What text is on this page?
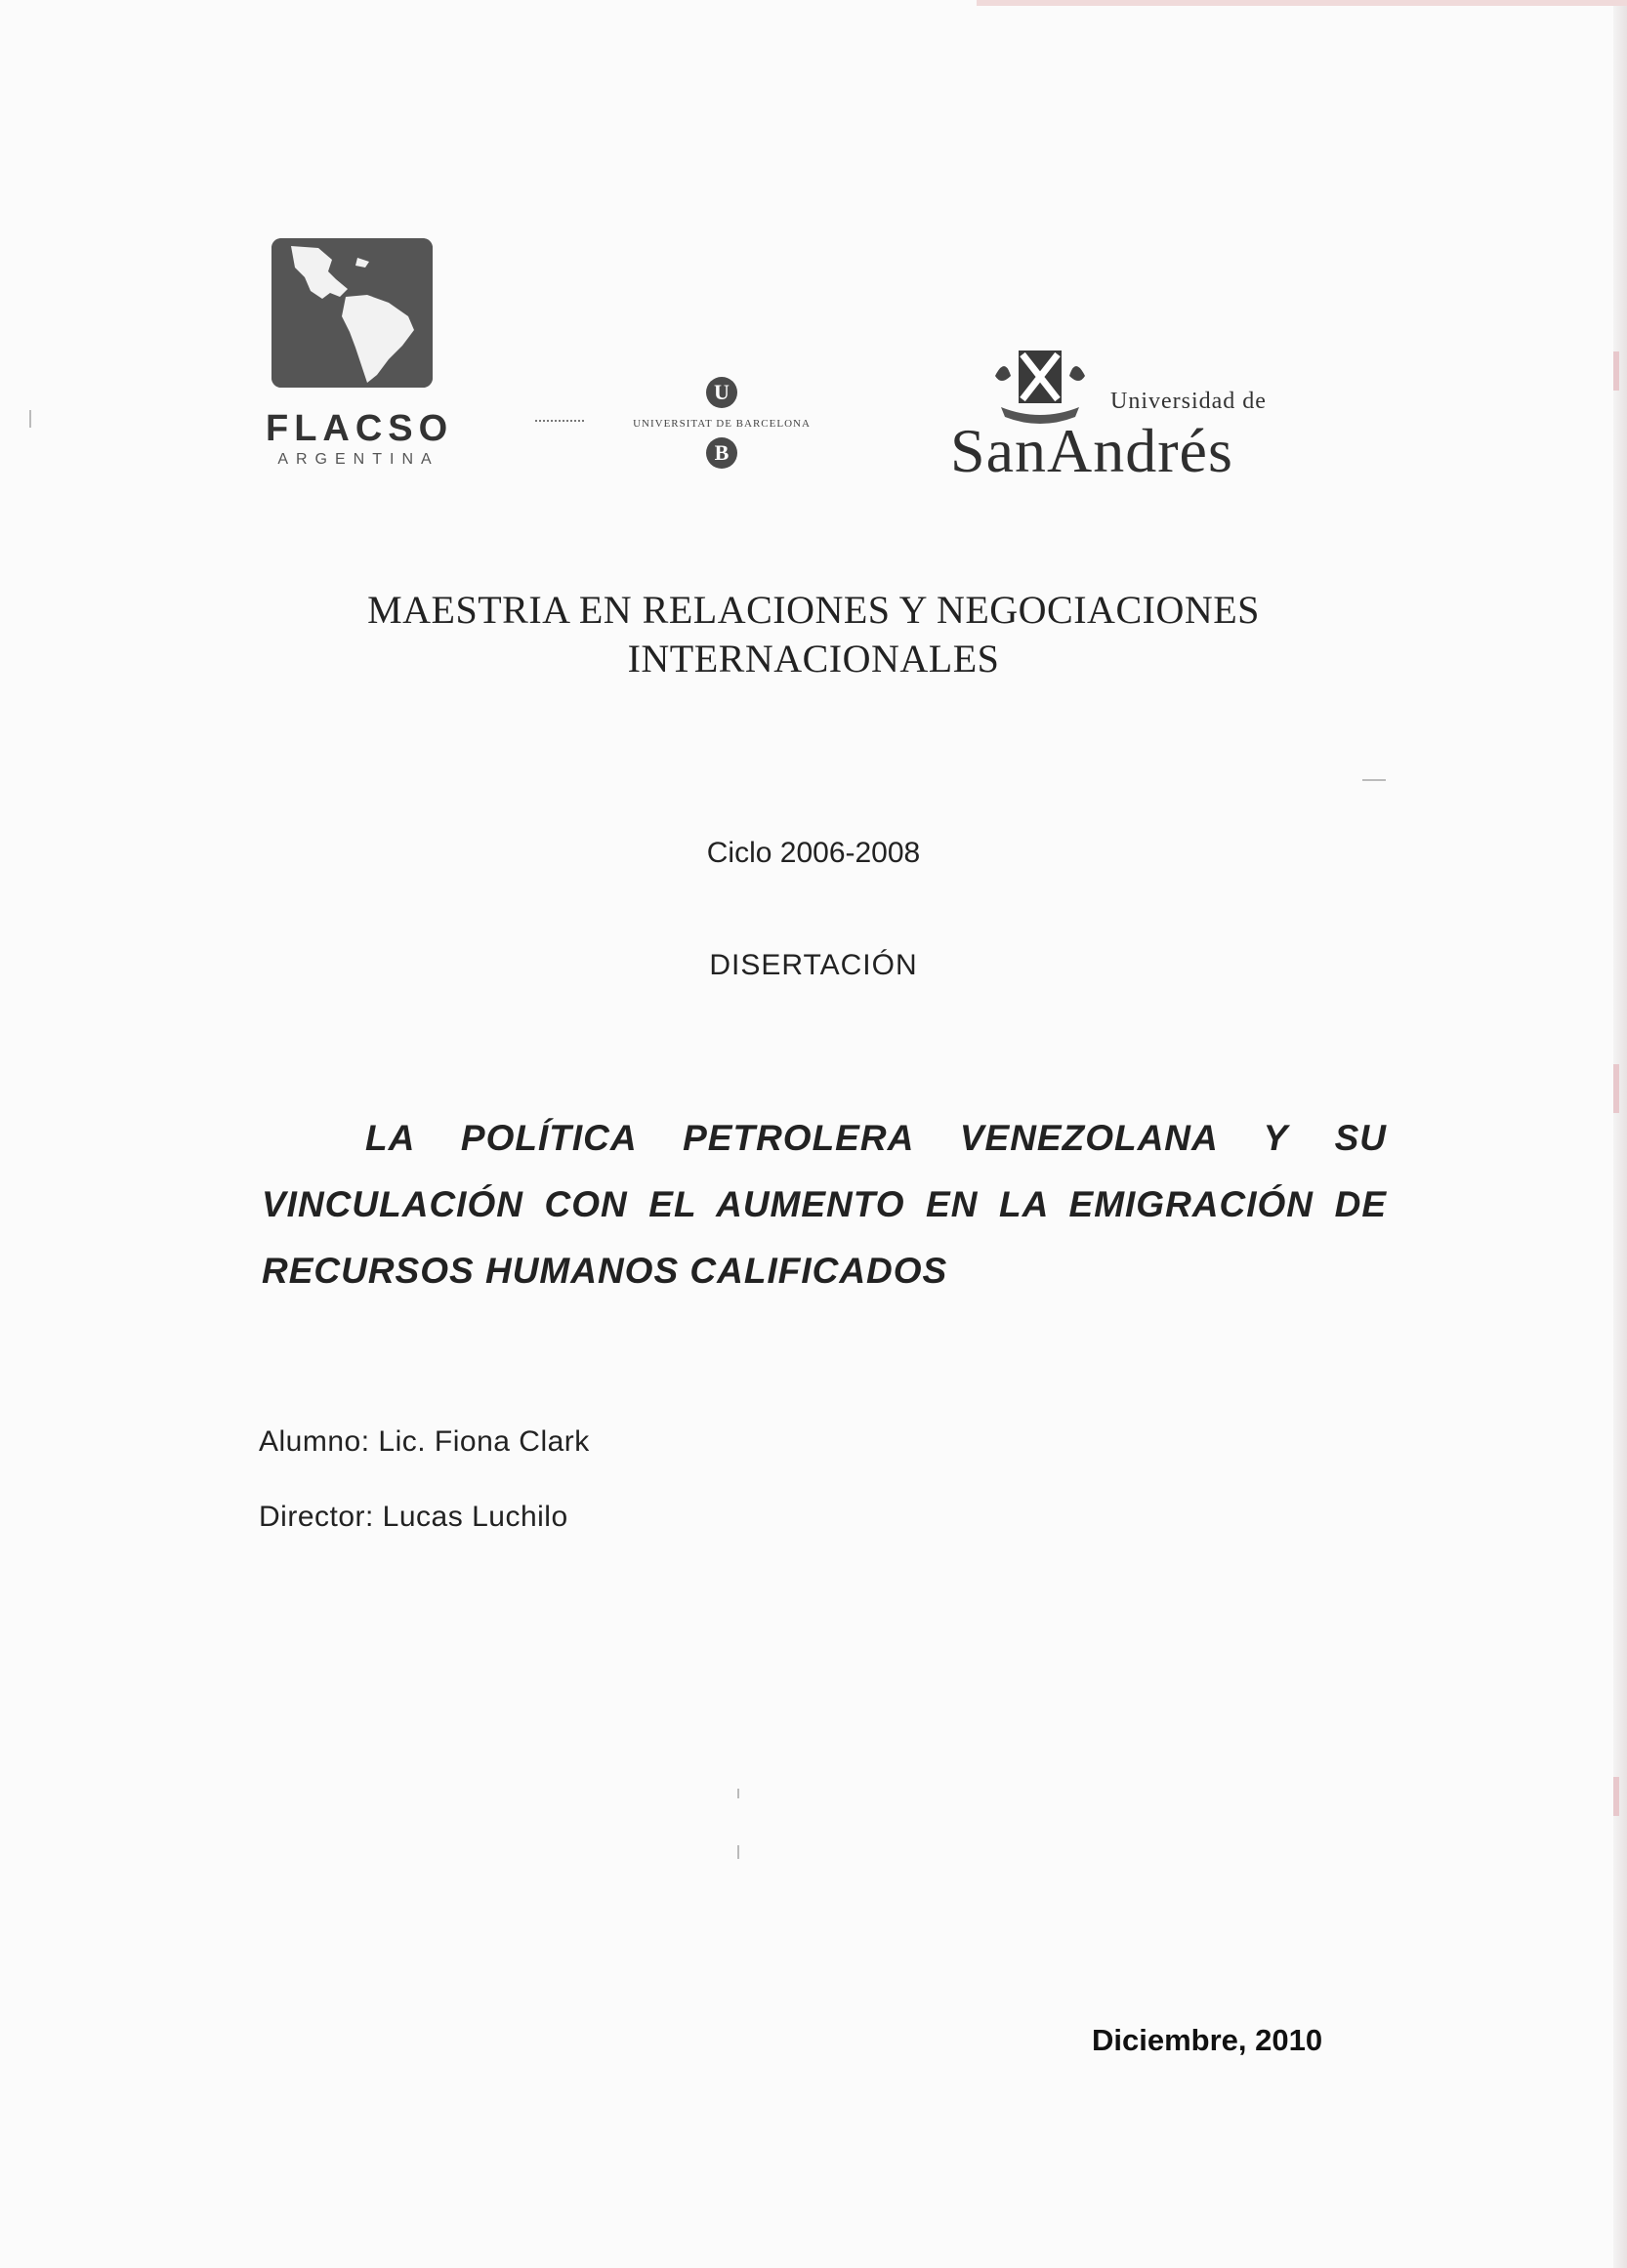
FLACSO
ARGENTINA
U
UNIVERSITAT DE BARCELONA
B
Universidad de
SanAndrés
MAESTRIA EN RELACIONES Y NEGOCIACIONES INTERNACIONALES
Ciclo 2006-2008
DISERTACIÓN
LA POLÍTICA PETROLERA VENEZOLANA Y SU VINCULACIÓN CON EL AUMENTO EN LA EMIGRACIÓN DE RECURSOS HUMANOS CALIFICADOS
Alumno: Lic. Fiona Clark
Director: Lucas Luchilo
Diciembre, 2010
